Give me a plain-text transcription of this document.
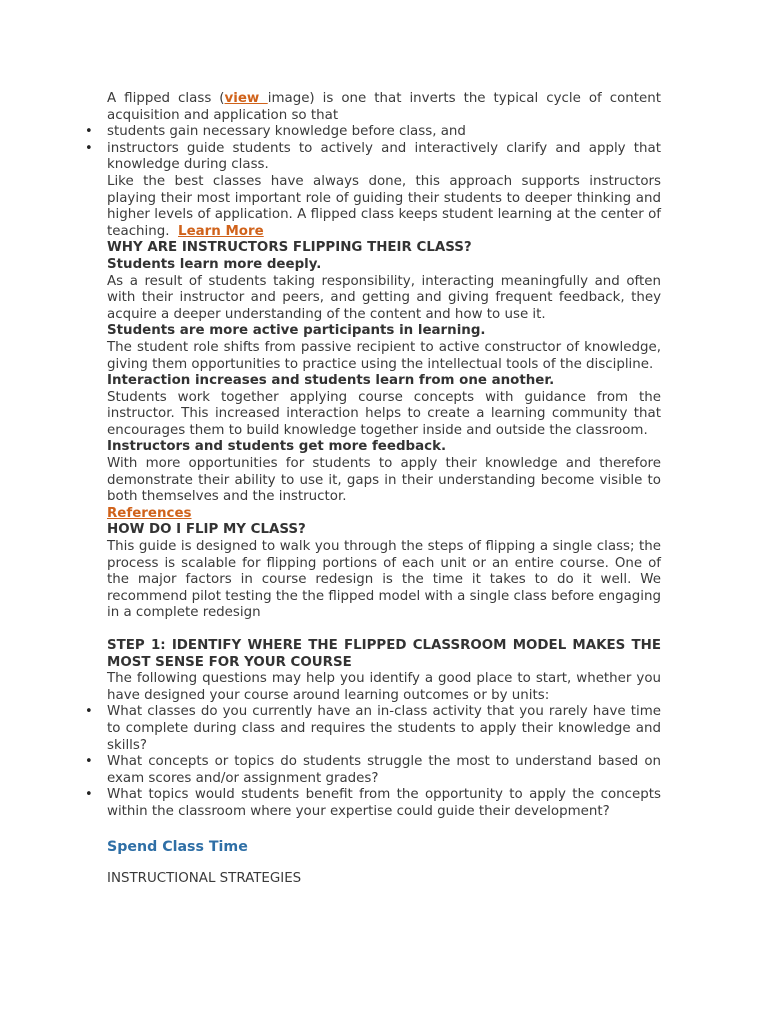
A flipped class (view image) is one that inverts the typical cycle of content acquisition and application so that

• students gain necessary knowledge before class, and
• instructors guide students to actively and interactively clarify and apply that knowledge during class.

Like the best classes have always done, this approach supports instructors playing their most important role of guiding their students to deeper thinking and higher levels of application. A flipped class keeps student learning at the center of teaching. Learn More

WHY ARE INSTRUCTORS FLIPPING THEIR CLASS?

Students learn more deeply.

As a result of students taking responsibility, interacting meaningfully and often with their instructor and peers, and getting and giving frequent feedback, they acquire a deeper understanding of the content and how to use it.

Students are more active participants in learning.

The student role shifts from passive recipient to active constructor of knowledge, giving them opportunities to practice using the intellectual tools of the discipline.

Interaction increases and students learn from one another.

Students work together applying course concepts with guidance from the instructor. This increased interaction helps to create a learning community that encourages them to build knowledge together inside and outside the classroom.

Instructors and students get more feedback.

With more opportunities for students to apply their knowledge and therefore demonstrate their ability to use it, gaps in their understanding become visible to both themselves and the instructor.

References

HOW DO I FLIP MY CLASS?

This guide is designed to walk you through the steps of flipping a single class; the process is scalable for flipping portions of each unit or an entire course. One of the major factors in course redesign is the time it takes to do it well. We recommend pilot testing the the flipped model with a single class before engaging in a complete redesign

STEP 1: IDENTIFY WHERE THE FLIPPED CLASSROOM MODEL MAKES THE MOST SENSE FOR YOUR COURSE

The following questions may help you identify a good place to start, whether you have designed your course around learning outcomes or by units:

• What classes do you currently have an in-class activity that you rarely have time to complete during class and requires the students to apply their knowledge and skills?
• What concepts or topics do students struggle the most to understand based on exam scores and/or assignment grades?
• What topics would students benefit from the opportunity to apply the concepts within the classroom where your expertise could guide their development?

Spend Class Time

INSTRUCTIONAL STRATEGIES
